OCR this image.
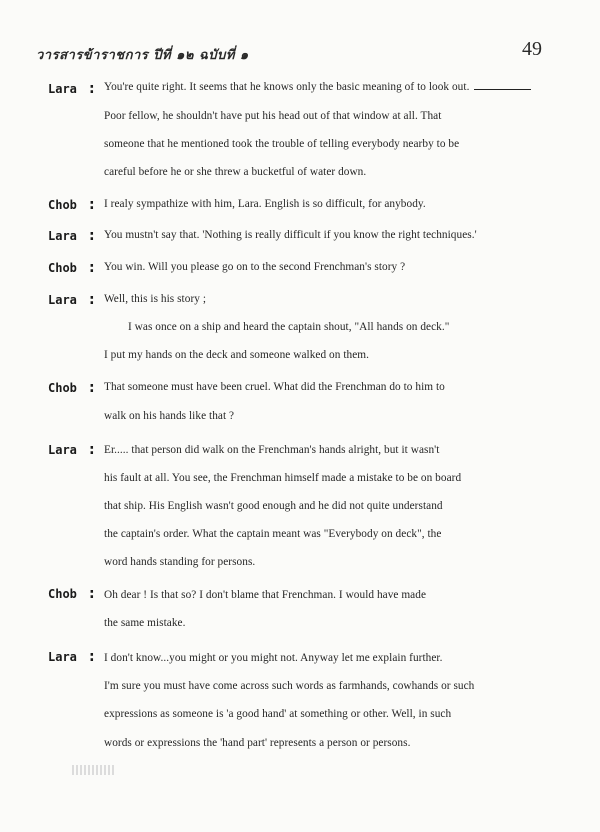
วารสารข้าราชการ ปีที่ ๑๒ ฉบับที่ ๑	49
Lara : You're quite right. It seems that he knows only the basic meaning of to look out.
Poor fellow, he shouldn't have put his head out of that window at all. That
someone that he mentioned took the trouble of telling everybody nearby to be
careful before he or she threw a bucketful of water down.
Chob : I realy sympathize with him, Lara. English is so difficult, for anybody.
Lara : You mustn't say that. 'Nothing is really difficult if you know the right techniques.'
Chob : You win. Will you please go on to the second Frenchman's story ?
Lara : Well, this is his story ;
I was once on a ship and heard the captain shout, "All hands on deck."
I put my hands on the deck and someone walked on them.
Chob : That someone must have been cruel. What did the Frenchman do to him to
walk on his hands like that ?
Lara : Er..... that person did walk on the Frenchman's hands alright, but it wasn't
his fault at all. You see, the Frenchman himself made a mistake to be on board
that ship. His English wasn't good enough and he did not quite understand
the captain's order. What the captain meant was "Everybody on deck", the
word hands standing for persons.
Chob : Oh dear ! Is that so? I don't blame that Frenchman. I would have made
the same mistake.
Lara : I don't know...you might or you might not. Anyway let me explain further.
I'm sure you must have come across such words as farmhands, cowhands or such
expressions as someone is 'a good hand' at something or other. Well, in such
words or expressions the 'hand part' represents a person or persons.
